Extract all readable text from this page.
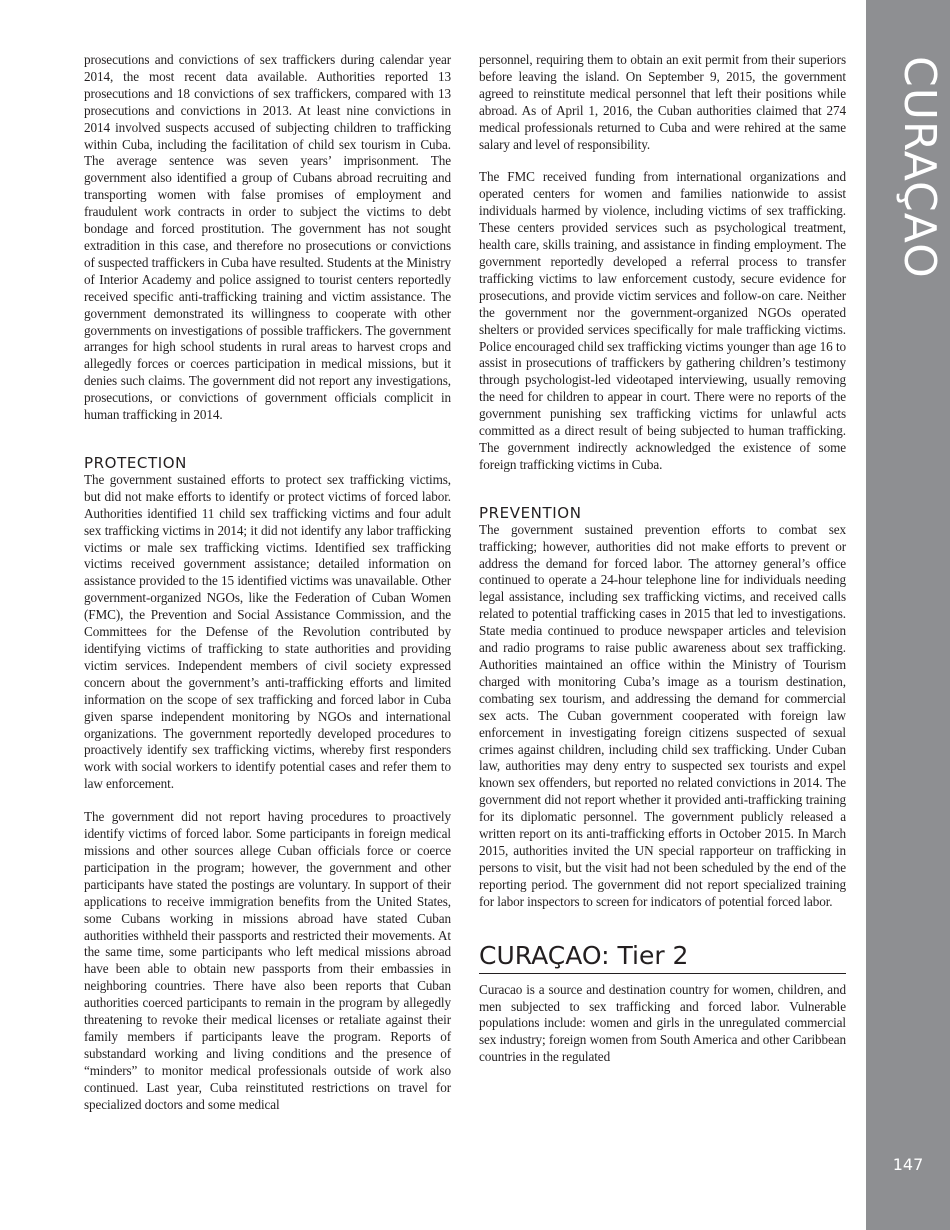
CURAÇAO
147

prosecutions and convictions of sex traffickers during calendar year 2014, the most recent data available. Authorities reported 13 prosecutions and 18 convictions of sex traffickers, compared with 13 prosecutions and convictions in 2013. At least nine convictions in 2014 involved suspects accused of subjecting children to trafficking within Cuba, including the facilitation of child sex tourism in Cuba. The average sentence was seven years’ imprisonment. The government also identified a group of Cubans abroad recruiting and transporting women with false promises of employment and fraudulent work contracts in order to subject the victims to debt bondage and forced prostitution. The government has not sought extradition in this case, and therefore no prosecutions or convictions of suspected traffickers in Cuba have resulted. Students at the Ministry of Interior Academy and police assigned to tourist centers reportedly received specific anti-trafficking training and victim assistance. The government demonstrated its willingness to cooperate with other governments on investigations of possible traffickers. The government arranges for high school students in rural areas to harvest crops and allegedly forces or coerces participation in medical missions, but it denies such claims. The government did not report any investigations, prosecutions, or convictions of government officials complicit in human trafficking in 2014.

PROTECTION

The government sustained efforts to protect sex trafficking victims, but did not make efforts to identify or protect victims of forced labor. Authorities identified 11 child sex trafficking victims and four adult sex trafficking victims in 2014; it did not identify any labor trafficking victims or male sex trafficking victims. Identified sex trafficking victims received government assistance; detailed information on assistance provided to the 15 identified victims was unavailable. Other government-organized NGOs, like the Federation of Cuban Women (FMC), the Prevention and Social Assistance Commission, and the Committees for the Defense of the Revolution contributed by identifying victims of trafficking to state authorities and providing victim services. Independent members of civil society expressed concern about the government’s anti-trafficking efforts and limited information on the scope of sex trafficking and forced labor in Cuba given sparse independent monitoring by NGOs and international organizations. The government reportedly developed procedures to proactively identify sex trafficking victims, whereby first responders work with social workers to identify potential cases and refer them to law enforcement.

The government did not report having procedures to proactively identify victims of forced labor. Some participants in foreign medical missions and other sources allege Cuban officials force or coerce participation in the program; however, the government and other participants have stated the postings are voluntary. In support of their applications to receive immigration benefits from the United States, some Cubans working in missions abroad have stated Cuban authorities withheld their passports and restricted their movements. At the same time, some participants who left medical missions abroad have been able to obtain new passports from their embassies in neighboring countries. There have also been reports that Cuban authorities coerced participants to remain in the program by allegedly threatening to revoke their medical licenses or retaliate against their family members if participants leave the program. Reports of substandard working and living conditions and the presence of “minders” to monitor medical professionals outside of work also continued. Last year, Cuba reinstituted restrictions on travel for specialized doctors and some medical

personnel, requiring them to obtain an exit permit from their superiors before leaving the island. On September 9, 2015, the government agreed to reinstitute medical personnel that left their positions while abroad. As of April 1, 2016, the Cuban authorities claimed that 274 medical professionals returned to Cuba and were rehired at the same salary and level of responsibility.

The FMC received funding from international organizations and operated centers for women and families nationwide to assist individuals harmed by violence, including victims of sex trafficking. These centers provided services such as psychological treatment, health care, skills training, and assistance in finding employment. The government reportedly developed a referral process to transfer trafficking victims to law enforcement custody, secure evidence for prosecutions, and provide victim services and follow-on care. Neither the government nor the government-organized NGOs operated shelters or provided services specifically for male trafficking victims. Police encouraged child sex trafficking victims younger than age 16 to assist in prosecutions of traffickers by gathering children’s testimony through psychologist-led videotaped interviewing, usually removing the need for children to appear in court. There were no reports of the government punishing sex trafficking victims for unlawful acts committed as a direct result of being subjected to human trafficking. The government indirectly acknowledged the existence of some foreign trafficking victims in Cuba.

PREVENTION

The government sustained prevention efforts to combat sex trafficking; however, authorities did not make efforts to prevent or address the demand for forced labor. The attorney general’s office continued to operate a 24-hour telephone line for individuals needing legal assistance, including sex trafficking victims, and received calls related to potential trafficking cases in 2015 that led to investigations. State media continued to produce newspaper articles and television and radio programs to raise public awareness about sex trafficking. Authorities maintained an office within the Ministry of Tourism charged with monitoring Cuba’s image as a tourism destination, combating sex tourism, and addressing the demand for commercial sex acts. The Cuban government cooperated with foreign law enforcement in investigating foreign citizens suspected of sexual crimes against children, including child sex trafficking. Under Cuban law, authorities may deny entry to suspected sex tourists and expel known sex offenders, but reported no related convictions in 2014. The government did not report whether it provided anti-trafficking training for its diplomatic personnel. The government publicly released a written report on its anti-trafficking efforts in October 2015. In March 2015, authorities invited the UN special rapporteur on trafficking in persons to visit, but the visit had not been scheduled by the end of the reporting period. The government did not report specialized training for labor inspectors to screen for indicators of potential forced labor.

CURAÇAO: Tier 2

Curacao is a source and destination country for women, children, and men subjected to sex trafficking and forced labor. Vulnerable populations include: women and girls in the unregulated commercial sex industry; foreign women from South America and other Caribbean countries in the regulated
